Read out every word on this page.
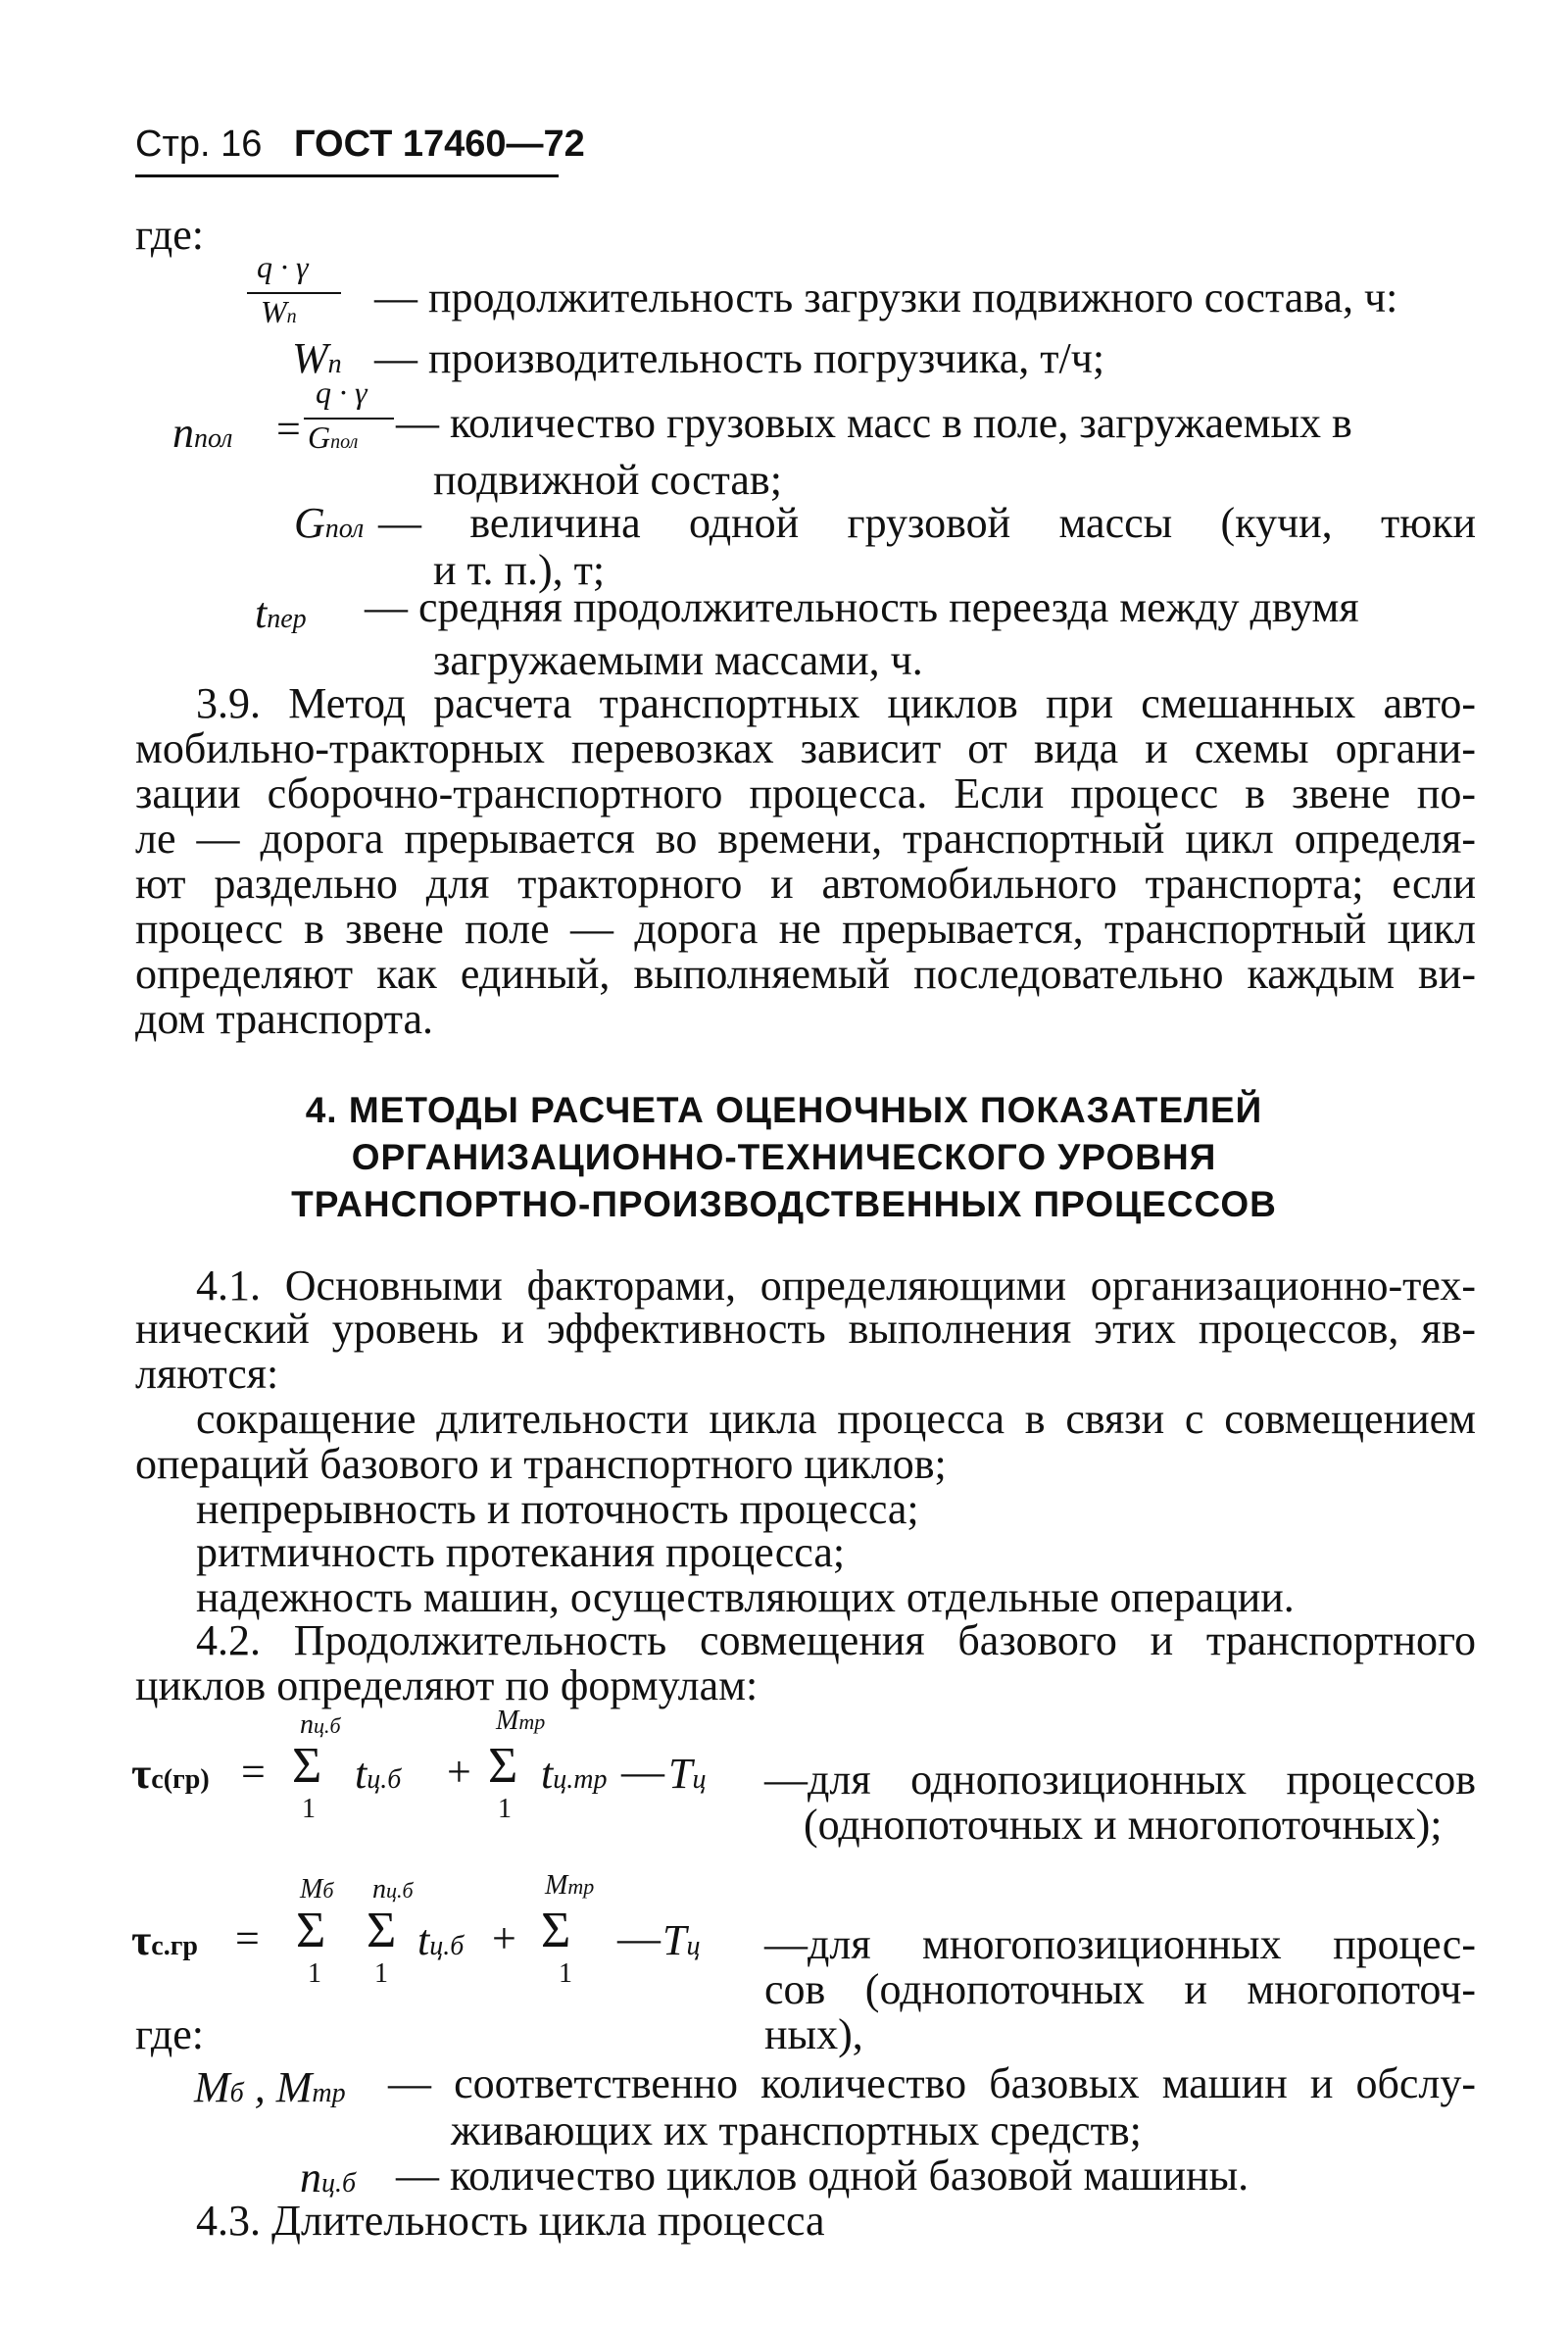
Стр. 16 ГОСТ 17460—72
где:
q · γ
Wп — продолжительность загрузки подвижного состава, ч:
Wп — производительность погрузчика, т/ч;
nпол =
q · γ
Gпол — количество грузовых масс в поле, загружаемых в
подвижной состав;
Gпол — величина одной грузовой массы (кучи, тюки
и т. п.), т;
tпер — средняя продолжительность переезда между двумя
загружаемыми массами, ч.
3.9. Метод расчета транспортных циклов при смешанных авто-
мобильно-тракторных перевозках зависит от вида и схемы органи-
зации сборочно-транспортного процесса. Если процесс в звене по-
ле — дорога прерывается во времени, транспортный цикл определя-
ют раздельно для тракторного и автомобильного транспорта; если
процесс в звене поле — дорога не прерывается, транспортный цикл
определяют как единый, выполняемый последовательно каждым ви-
дом транспорта.
4. МЕТОДЫ РАСЧЕТА ОЦЕНОЧНЫХ ПОКАЗАТЕЛЕЙ
ОРГАНИЗАЦИОННО-ТЕХНИЧЕСКОГО УРОВНЯ
ТРАНСПОРТНО-ПРОИЗВОДСТВЕННЫХ ПРОЦЕССОВ
4.1. Основными факторами, определяющими организационно-тех-
нический уровень и эффективность выполнения этих процессов, яв-
ляются:
сокращение длительности цикла процесса в связи с совмещением
операций базового и транспортного циклов;
непрерывность и поточность процесса;
ритмичность протекания процесса;
надежность машин, осуществляющих отдельные операции.
4.2. Продолжительность совмещения базового и транспортного
циклов определяют по формулам:
τс(гр) =
nц.б
Σ
1
tц.б +
Mтр
Σ
1
tц.тр — Tц —для однопозиционных процессов
(однопоточных и многопоточных);
τс.гр =
Mб
Σ
1
nц.б
Σ
1
tц.б +
Mтр
Σ
1
— Tц —для многопозиционных процес-
сов (однопоточных и многопоточ-
ных),
где:
Mб , Mтр — соответственно количество базовых машин и обслу-
живающих их транспортных средств;
nц.б — количество циклов одной базовой машины.
4.3. Длительность цикла процесса
